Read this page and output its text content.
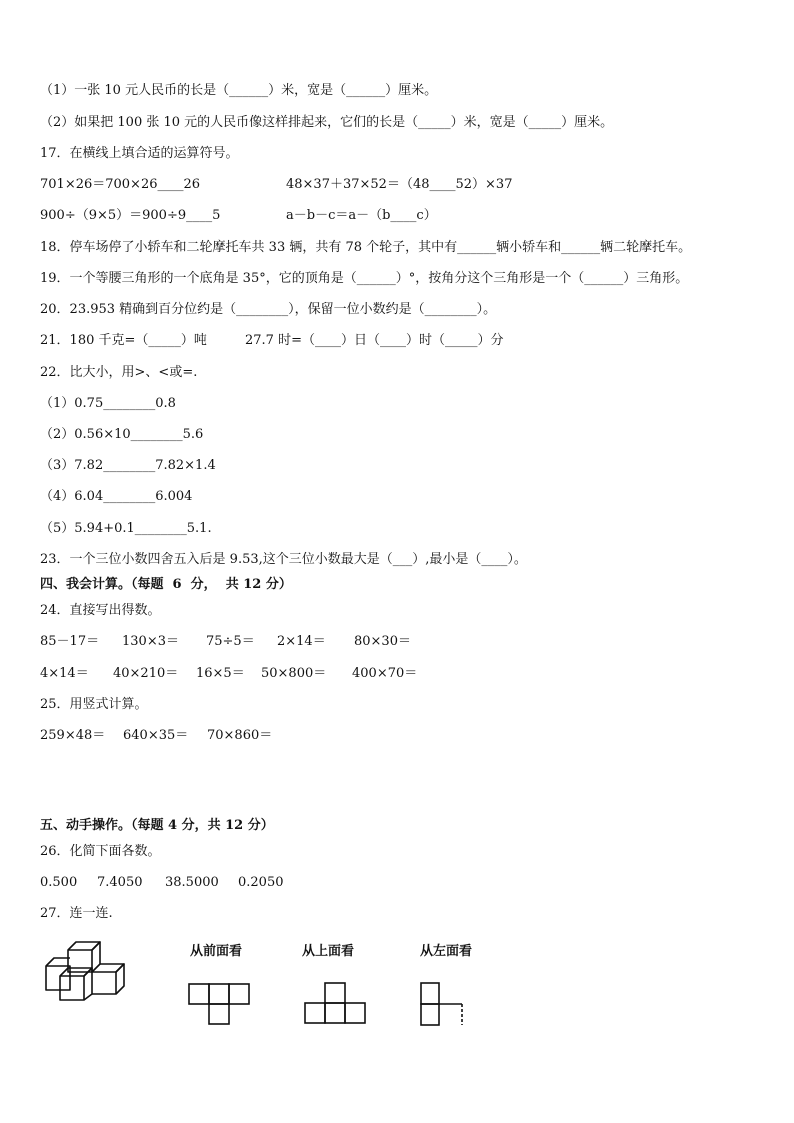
（1）一张 10 元人民币的长是（______）米，宽是（______）厘米。
（2）如果把 100 张 10 元的人民币像这样排起来，它们的长是（_____）米，宽是（_____）厘米。
17．在横线上填合适的运算符号。
701×26＝700×26____26	48×37＋37×52＝（48____52）×37
900÷（9×5）＝900÷9____5	a－b－c＝a－（b____c）
18．停车场停了小轿车和二轮摩托车共 33 辆，共有 78 个轮子，其中有______辆小轿车和______辆二轮摩托车。
19．一个等腰三角形的一个底角是 35°，它的顶角是（______）°，按角分这个三角形是一个（______）三角形。
20．23.953 精确到百分位约是（________），保留一位小数约是（________）。
21．180 千克=（_____）吨	27.7 时=（____）日（____）时（_____）分
22．比大小，用>、<或=.
（1）0.75________0.8
（2）0.56×10________5.6
（3）7.82________7.82×1.4
（4）6.04________6.004
（5）5.94+0.1________5.1.
23．一个三位小数四舍五入后是 9.53,这个三位小数最大是（___）,最小是（____）。
四、我会计算。（每题  6  分，  共 12 分）
24．直接写出得数。
85－17＝ 130×3＝ 75÷5＝ 2×14＝ 80×30＝
4×14＝ 40×210＝ 16×5＝ 50×800＝ 400×70＝
25．用竖式计算。
259×48＝ 640×35＝ 70×860＝
五、动手操作。（每题 4 分，共 12 分）
26．化简下面各数。
0.500 7.4050 38.5000 0.2050
27．连一连.
从前面看	从上面看	从左面看
